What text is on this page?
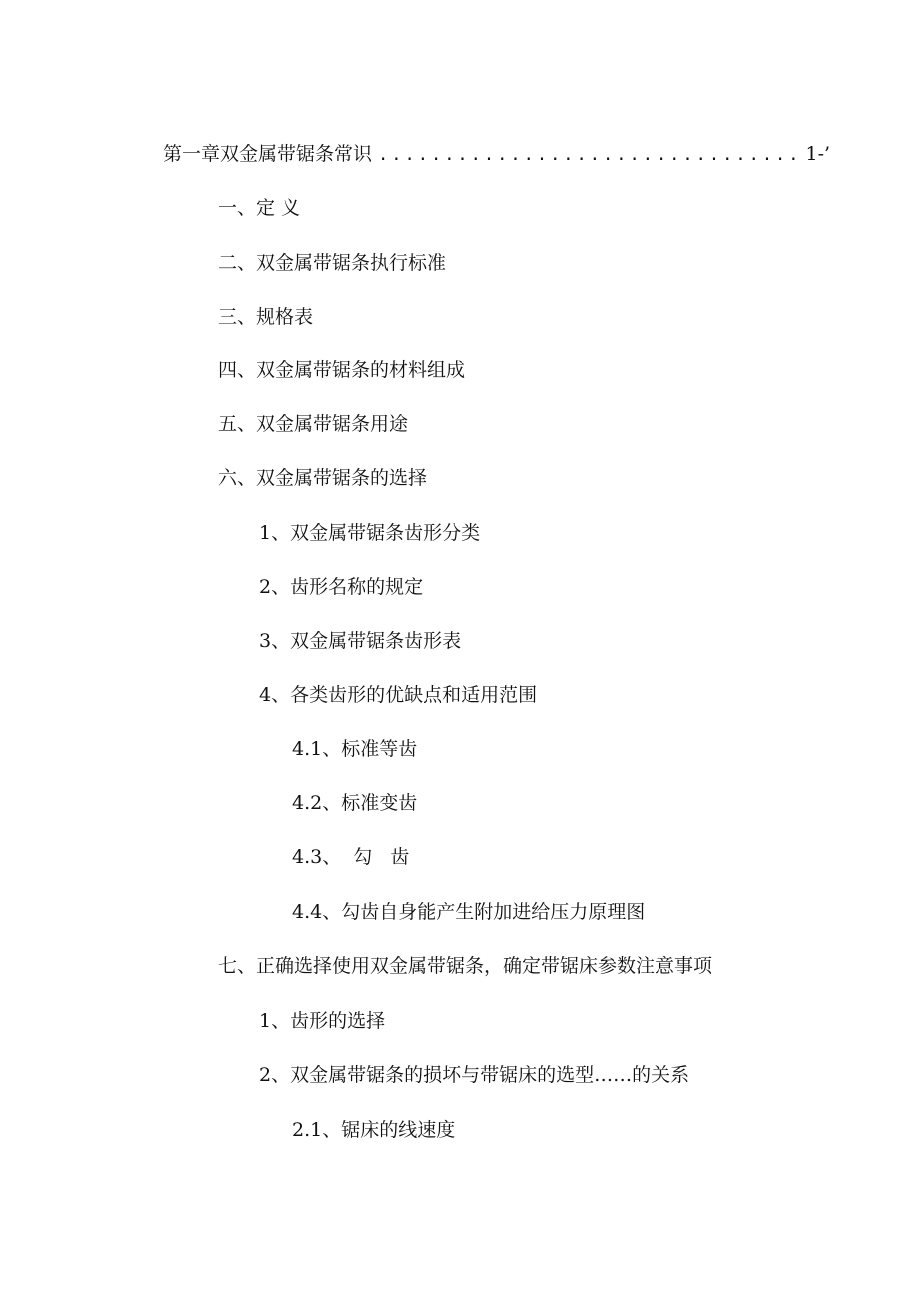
第一章双金属带锯条常识 ................................ 1-’
一、定 义
二、双金属带锯条执行标准
三、规格表
四、双金属带锯条的材料组成
五、双金属带锯条用途
六、双金属带锯条的选择
1、双金属带锯条齿形分类
2、齿形名称的规定
3、双金属带锯条齿形表
4、各类齿形的优缺点和适用范围
4.1、标准等齿
4.2、标准变齿
4.3、  勾   齿
4.4、勾齿自身能产生附加进给压力原理图
七、正确选择使用双金属带锯条，确定带锯床参数注意事项
1、齿形的选择
2、双金属带锯条的损坏与带锯床的选型……的关系
2.1、锯床的线速度
